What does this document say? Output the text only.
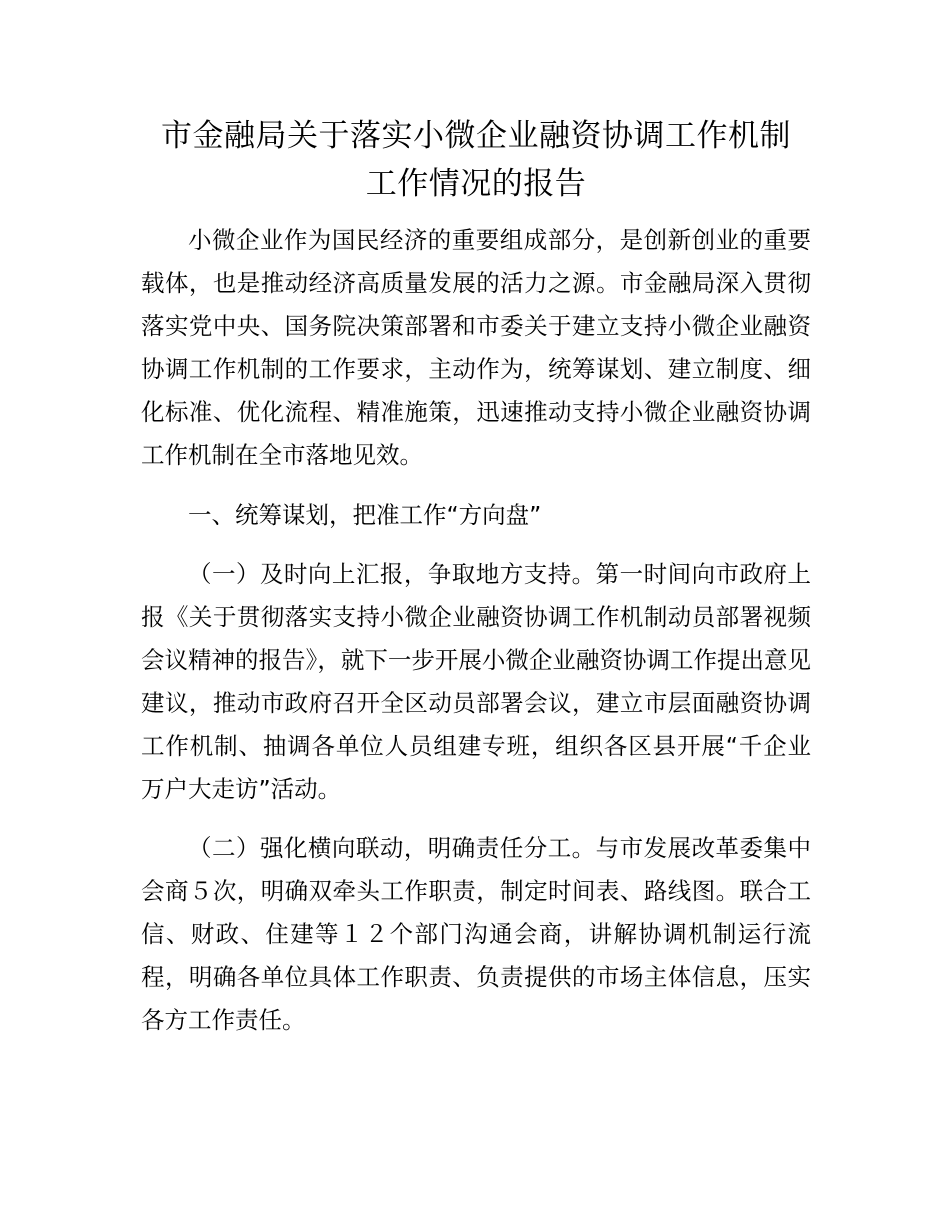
市金融局关于落实小微企业融资协调工作机制
工作情况的报告

小微企业作为国民经济的重要组成部分，是创新创业的重要载体，也是推动经济高质量发展的活力之源。市金融局深入贯彻落实党中央、国务院决策部署和市委关于建立支持小微企业融资协调工作机制的工作要求，主动作为，统筹谋划、建立制度、细化标准、优化流程、精准施策，迅速推动支持小微企业融资协调工作机制在全市落地见效。

一、统筹谋划，把准工作“方向盘”

（一）及时向上汇报，争取地方支持。第一时间向市政府上报《关于贯彻落实支持小微企业融资协调工作机制动员部署视频会议精神的报告》，就下一步开展小微企业融资协调工作提出意见建议，推动市政府召开全区动员部署会议，建立市层面融资协调工作机制、抽调各单位人员组建专班，组织各区县开展“千企业万户大走访”活动。

（二）强化横向联动，明确责任分工。与市发展改革委集中会商５次，明确双牵头工作职责，制定时间表、路线图。联合工信、财政、住建等１２个部门沟通会商，讲解协调机制运行流程，明确各单位具体工作职责、负责提供的市场主体信息，压实各方工作责任。
